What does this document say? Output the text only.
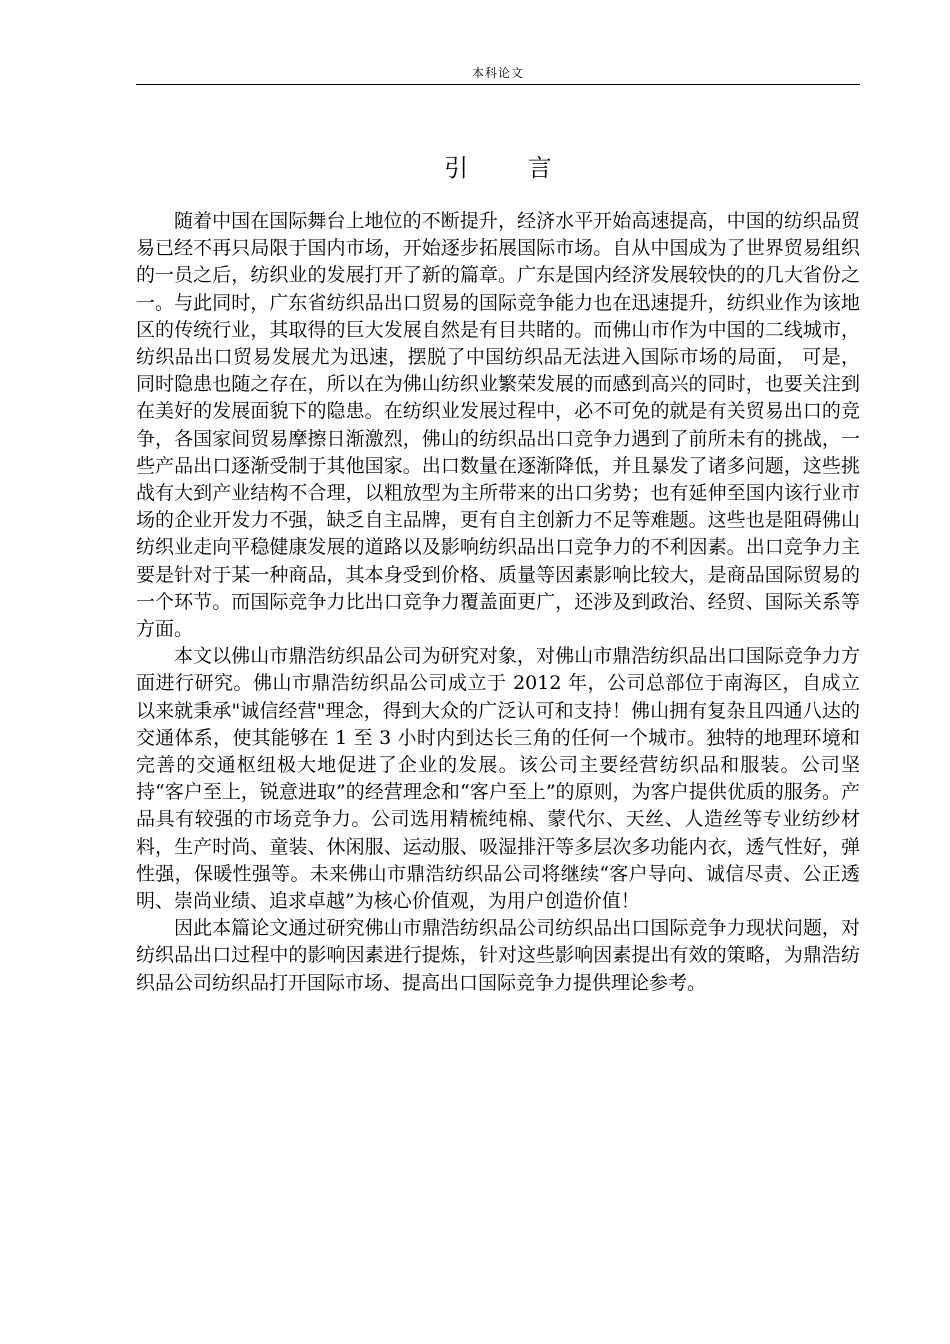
本科论文
引 言

随着中国在国际舞台上地位的不断提升，经济水平开始高速提高，中国的纺织品贸易已经不再只局限于国内市场，开始逐步拓展国际市场。自从中国成为了世界贸易组织的一员之后，纺织业的发展打开了新的篇章。广东是国内经济发展较快的的几大省份之一。与此同时，广东省纺织品出口贸易的国际竞争能力也在迅速提升，纺织业作为该地区的传统行业，其取得的巨大发展自然是有目共睹的。而佛山市作为中国的二线城市，纺织品出口贸易发展尤为迅速，摆脱了中国纺织品无法进入国际市场的局面， 可是，同时隐患也随之存在，所以在为佛山纺织业繁荣发展的而感到高兴的同时，也要关注到在美好的发展面貌下的隐患。在纺织业发展过程中，必不可免的就是有关贸易出口的竞争，各国家间贸易摩擦日渐激烈，佛山的纺织品出口竞争力遇到了前所未有的挑战，一些产品出口逐渐受制于其他国家。出口数量在逐渐降低，并且暴发了诸多问题，这些挑战有大到产业结构不合理，以粗放型为主所带来的出口劣势；也有延伸至国内该行业市场的企业开发力不强，缺乏自主品牌，更有自主创新力不足等难题。这些也是阻碍佛山纺织业走向平稳健康发展的道路以及影响纺织品出口竞争力的不利因素。出口竞争力主要是针对于某一种商品，其本身受到价格、质量等因素影响比较大，是商品国际贸易的一个环节。而国际竞争力比出口竞争力覆盖面更广，还涉及到政治、经贸、国际关系等方面。

本文以佛山市鼎浩纺织品公司为研究对象，对佛山市鼎浩纺织品出口国际竞争力方面进行研究。佛山市鼎浩纺织品公司成立于 2012 年，公司总部位于南海区，自成立以来就秉承"诚信经营"理念，得到大众的广泛认可和支持！佛山拥有复杂且四通八达的交通体系，使其能够在 1 至 3 小时内到达长三角的任何一个城市。独特的地理环境和完善的交通枢纽极大地促进了企业的发展。该公司主要经营纺织品和服装。公司坚持“客户至上，锐意进取”的经营理念和“客户至上”的原则，为客户提供优质的服务。产品具有较强的市场竞争力。公司选用精梳纯棉、蒙代尔、天丝、人造丝等专业纺纱材料，生产时尚、童装、休闲服、运动服、吸湿排汗等多层次多功能内衣，透气性好，弹性强，保暖性强等。未来佛山市鼎浩纺织品公司将继续“客户导向、诚信尽责、公正透明、崇尚业绩、追求卓越”为核心价值观，为用户创造价值！

因此本篇论文通过研究佛山市鼎浩纺织品公司纺织品出口国际竞争力现状问题，对纺织品出口过程中的影响因素进行提炼，针对这些影响因素提出有效的策略，为鼎浩纺织品公司纺织品打开国际市场、提高出口国际竞争力提供理论参考。
